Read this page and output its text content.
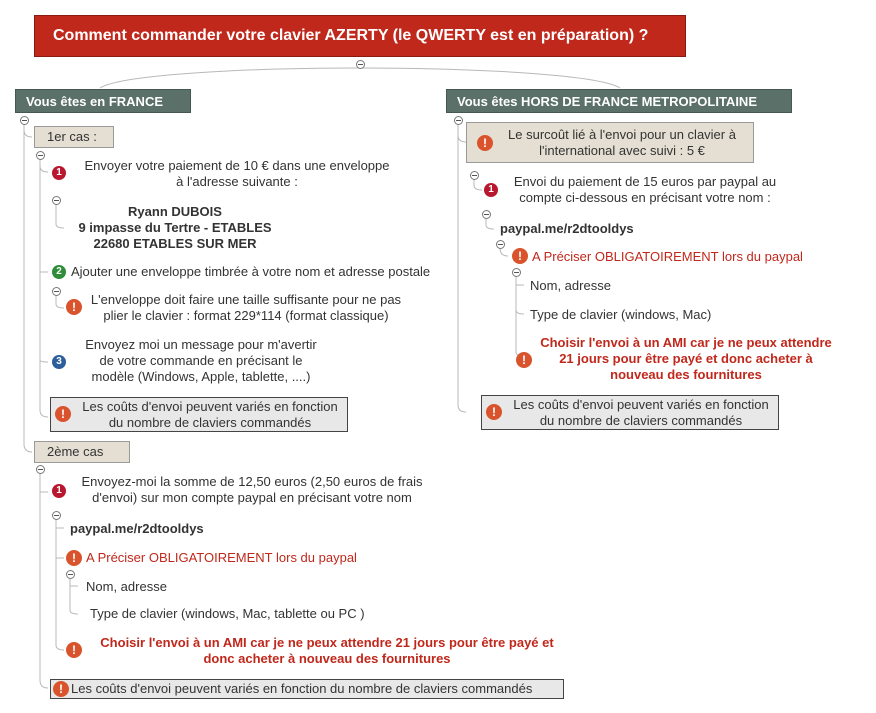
Comment commander votre clavier AZERTY (le QWERTY est en préparation) ?
Vous êtes en FRANCE
1er cas :
1	Envoyer votre paiement de 10 € dans une enveloppe
à l'adresse suivante :
Ryann DUBOIS
9 impasse du Tertre - ETABLES
22680 ETABLES SUR MER
2 Ajouter une enveloppe timbrée à votre nom et adresse postale
!	L'enveloppe doit faire une taille suffisante pour ne pas
plier le clavier : format 229*114 (format classique)
3
Envoyez moi un message pour m'avertir
de votre commande en précisant le
modèle (Windows, Apple, tablette, ....)
!	Les coûts d'envoi peuvent variés en fonction
du nombre de claviers commandés
2ème cas
1
Envoyez-moi la somme de 12,50 euros (2,50 euros de frais
d'envoi) sur mon compte paypal en précisant votre nom
paypal.me/r2dtooldys
! A Préciser OBLIGATOIREMENT lors du paypal
Nom, adresse
Type de clavier (windows, Mac, tablette ou PC )
!	Choisir l'envoi à un AMI car je ne peux attendre 21 jours pour être payé et
donc acheter à nouveau des fournitures
! Les coûts d'envoi peuvent variés en fonction du nombre de claviers commandés
Vous êtes HORS DE FRANCE METROPOLITAINE
!
Le surcoût lié à l'envoi pour un clavier à
l'international avec suivi : 5 €
1
Envoi du paiement de 15 euros par paypal au
compte ci-dessous en précisant votre nom :
paypal.me/r2dtooldys
! A Préciser OBLIGATOIREMENT lors du paypal
Nom, adresse
Type de clavier (windows, Mac)
!
Choisir l'envoi à un AMI car je ne peux attendre
21 jours pour être payé et donc acheter à
nouveau des fournitures
!	Les coûts d'envoi peuvent variés en fonction
du nombre de claviers commandés
